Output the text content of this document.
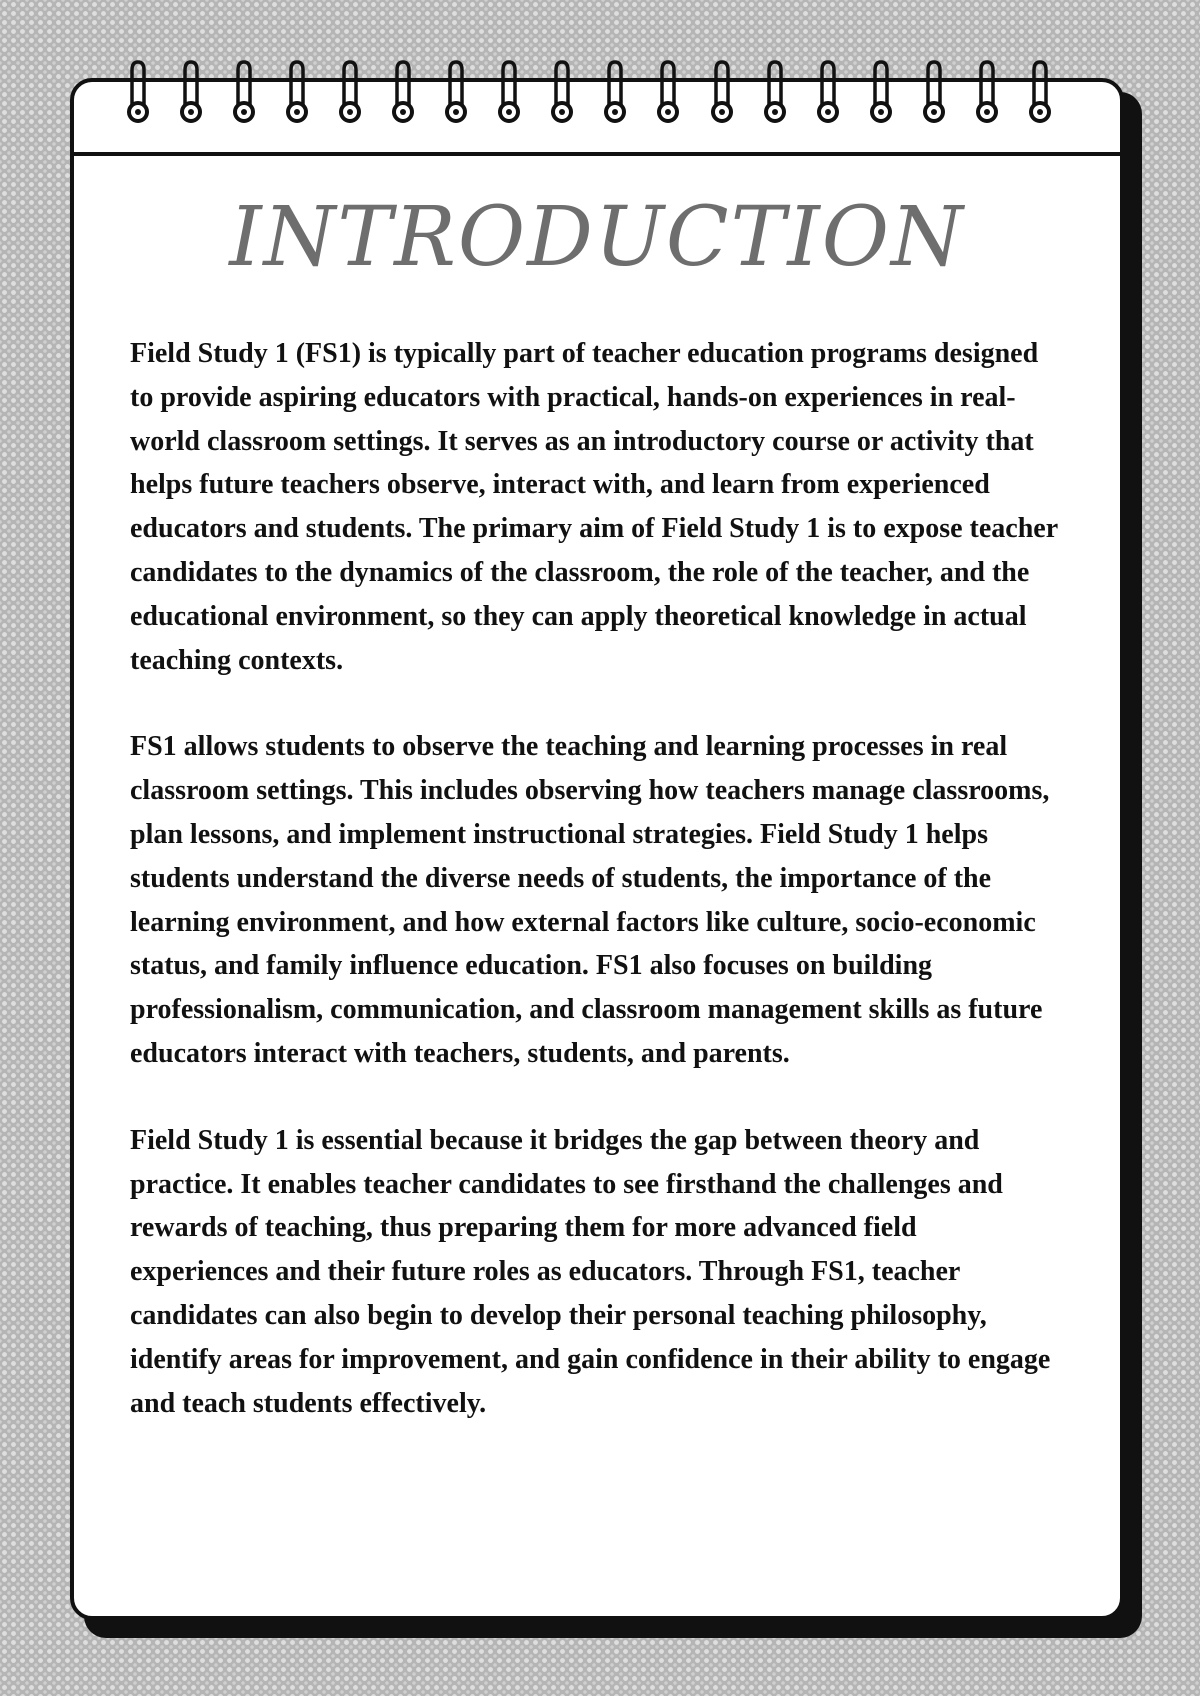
INTRODUCTION

Field Study 1 (FS1) is typically part of teacher education programs designed to provide aspiring educators with practical, hands-on experiences in real-world classroom settings. It serves as an introductory course or activity that helps future teachers observe, interact with, and learn from experienced educators and students. The primary aim of Field Study 1 is to expose teacher candidates to the dynamics of the classroom, the role of the teacher, and the educational environment, so they can apply theoretical knowledge in actual teaching contexts.

FS1 allows students to observe the teaching and learning processes in real classroom settings. This includes observing how teachers manage classrooms, plan lessons, and implement instructional strategies. Field Study 1 helps students understand the diverse needs of students, the importance of the learning environment, and how external factors like culture, socio-economic status, and family influence education. FS1 also focuses on building professionalism, communication, and classroom management skills as future educators interact with teachers, students, and parents.

Field Study 1 is essential because it bridges the gap between theory and practice. It enables teacher candidates to see firsthand the challenges and rewards of teaching, thus preparing them for more advanced field experiences and their future roles as educators. Through FS1, teacher candidates can also begin to develop their personal teaching philosophy, identify areas for improvement, and gain confidence in their ability to engage and teach students effectively.
